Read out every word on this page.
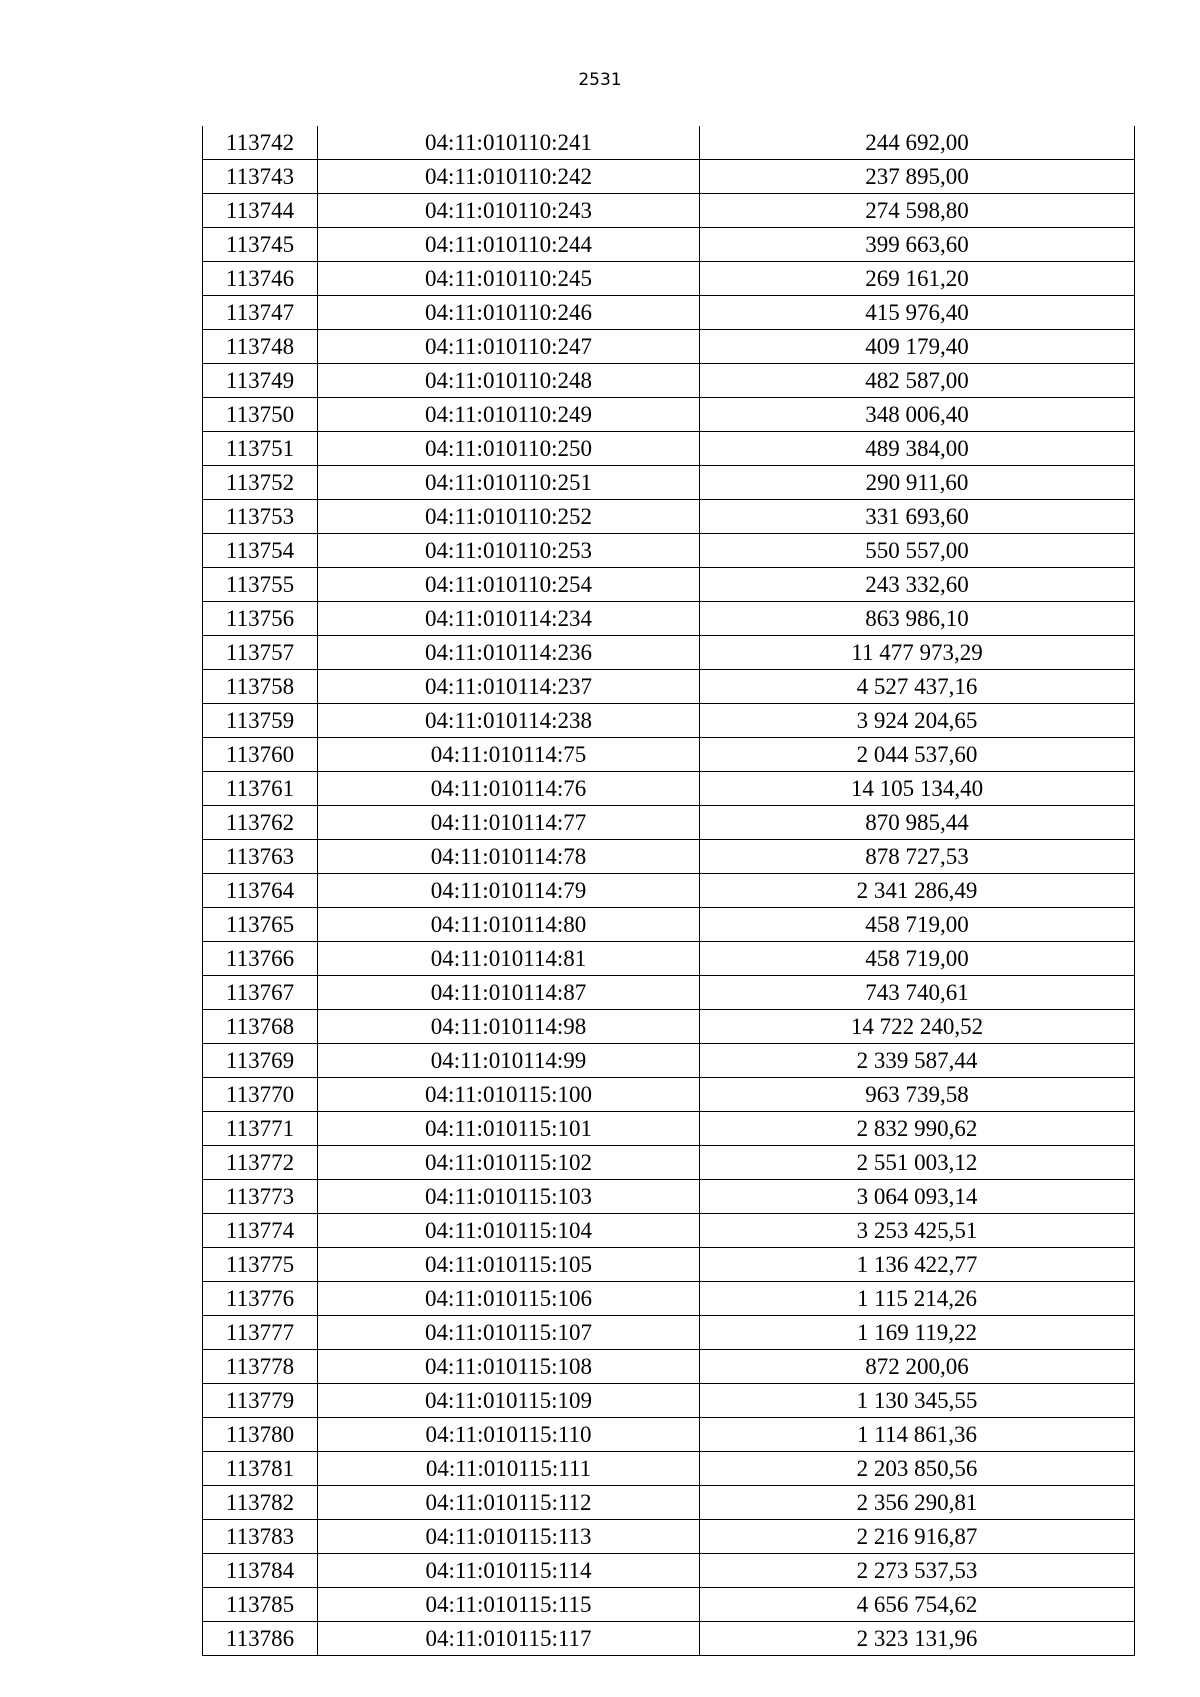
2531
113742	04:11:010110:241	244 692,00
113743	04:11:010110:242	237 895,00
113744	04:11:010110:243	274 598,80
113745	04:11:010110:244	399 663,60
113746	04:11:010110:245	269 161,20
113747	04:11:010110:246	415 976,40
113748	04:11:010110:247	409 179,40
113749	04:11:010110:248	482 587,00
113750	04:11:010110:249	348 006,40
113751	04:11:010110:250	489 384,00
113752	04:11:010110:251	290 911,60
113753	04:11:010110:252	331 693,60
113754	04:11:010110:253	550 557,00
113755	04:11:010110:254	243 332,60
113756	04:11:010114:234	863 986,10
113757	04:11:010114:236	11 477 973,29
113758	04:11:010114:237	4 527 437,16
113759	04:11:010114:238	3 924 204,65
113760	04:11:010114:75	2 044 537,60
113761	04:11:010114:76	14 105 134,40
113762	04:11:010114:77	870 985,44
113763	04:11:010114:78	878 727,53
113764	04:11:010114:79	2 341 286,49
113765	04:11:010114:80	458 719,00
113766	04:11:010114:81	458 719,00
113767	04:11:010114:87	743 740,61
113768	04:11:010114:98	14 722 240,52
113769	04:11:010114:99	2 339 587,44
113770	04:11:010115:100	963 739,58
113771	04:11:010115:101	2 832 990,62
113772	04:11:010115:102	2 551 003,12
113773	04:11:010115:103	3 064 093,14
113774	04:11:010115:104	3 253 425,51
113775	04:11:010115:105	1 136 422,77
113776	04:11:010115:106	1 115 214,26
113777	04:11:010115:107	1 169 119,22
113778	04:11:010115:108	872 200,06
113779	04:11:010115:109	1 130 345,55
113780	04:11:010115:110	1 114 861,36
113781	04:11:010115:111	2 203 850,56
113782	04:11:010115:112	2 356 290,81
113783	04:11:010115:113	2 216 916,87
113784	04:11:010115:114	2 273 537,53
113785	04:11:010115:115	4 656 754,62
113786	04:11:010115:117	2 323 131,96
